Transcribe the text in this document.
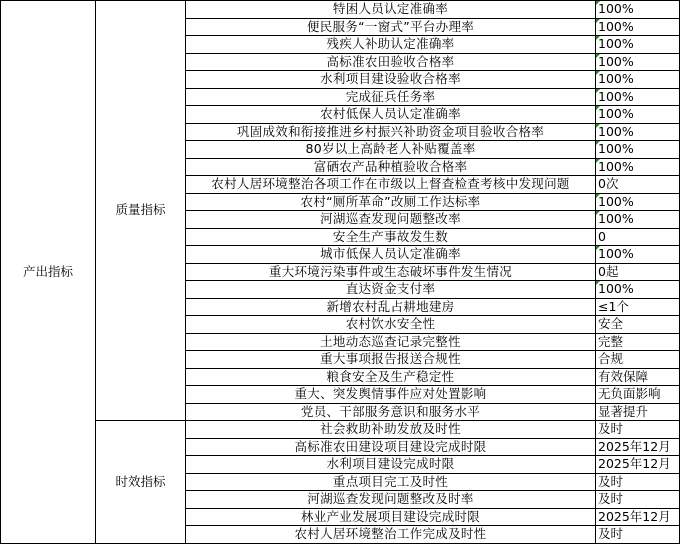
产出指标	质量指标	特困人员认定准确率	100%
		便民服务“一窗式”平台办理率	100%
		残疾人补助认定准确率	100%
		高标准农田验收合格率	100%
		水利项目建设验收合格率	100%
		完成征兵任务率	100%
		农村低保人员认定准确率	100%
		巩固成效和衔接推进乡村振兴补助资金项目验收合格率	100%
		80岁以上高龄老人补贴覆盖率	100%
		富硒农产品种植验收合格率	100%
		农村人居环境整治各项工作在市级以上督查检查考核中发现问题	0次
		农村“厕所革命”改厕工作达标率	100%
		河湖巡查发现问题整改率	100%
		安全生产事故发生数	0
		城市低保人员认定准确率	100%
		重大环境污染事件或生态破坏事件发生情况	0起
		直达资金支付率	100%
		新增农村乱占耕地建房	≤1个
		农村饮水安全性	安全
		土地动态巡查记录完整性	完整
		重大事项报告报送合规性	合规
		粮食安全及生产稳定性	有效保障
		重大、突发舆情事件应对处置影响	无负面影响
		党员、干部服务意识和服务水平	显著提升
	时效指标	社会救助补助发放及时性	及时
		高标准农田建设项目建设完成时限	2025年12月
		水利项目建设完成时限	2025年12月
		重点项目完工及时性	及时
		河湖巡查发现问题整改及时率	及时
		林业产业发展项目建设完成时限	2025年12月
		农村人居环境整治工作完成及时性	及时
